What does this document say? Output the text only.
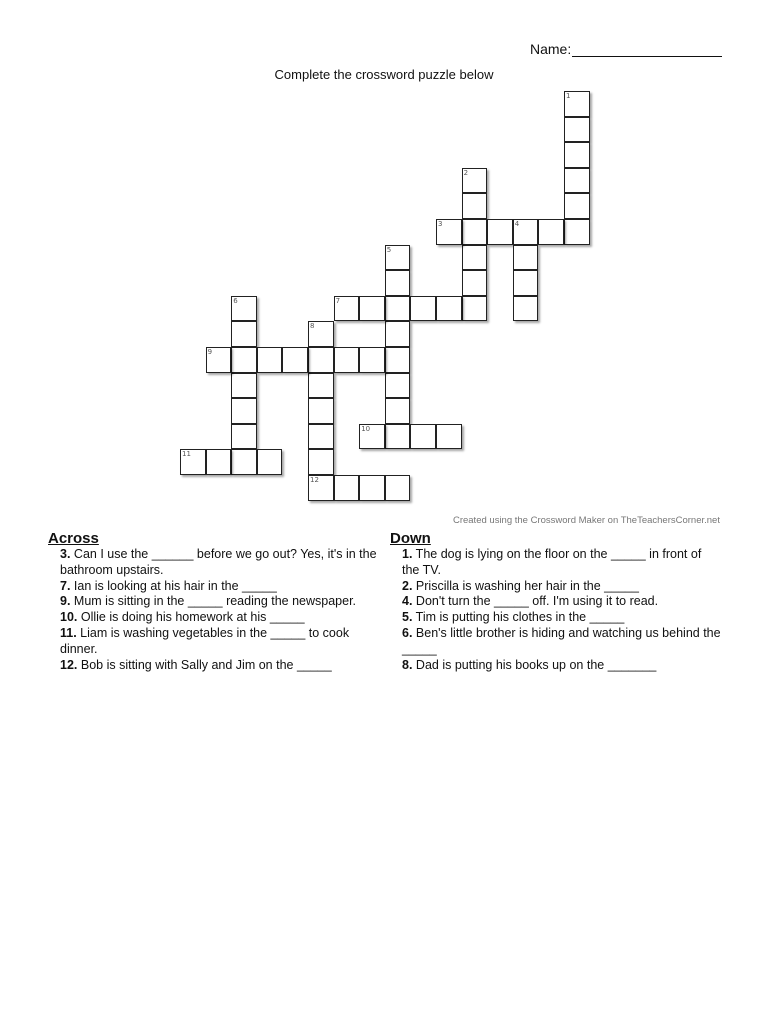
Name:
Complete the crossword puzzle below
1
2
3	4
5
6	7
8
9
10
11
12
Created using the Crossword Maker on TheTeachersCorner.net
Across
3. Can I use the ______ before we go out? Yes, it's in the bathroom upstairs.
7. Ian is looking at his hair in the _____
9. Mum is sitting in the _____ reading the newspaper.
10. Ollie is doing his homework at his _____
11. Liam is washing vegetables in the _____ to cook dinner.
12. Bob is sitting with Sally and Jim on the _____
Down
1. The dog is lying on the floor on the _____ in front of the TV.
2. Priscilla is washing her hair in the _____
4. Don't turn the _____ off. I'm using it to read.
5. Tim is putting his clothes in the _____
6. Ben's little brother is hiding and watching us behind the _____
8. Dad is putting his books up on the _______
